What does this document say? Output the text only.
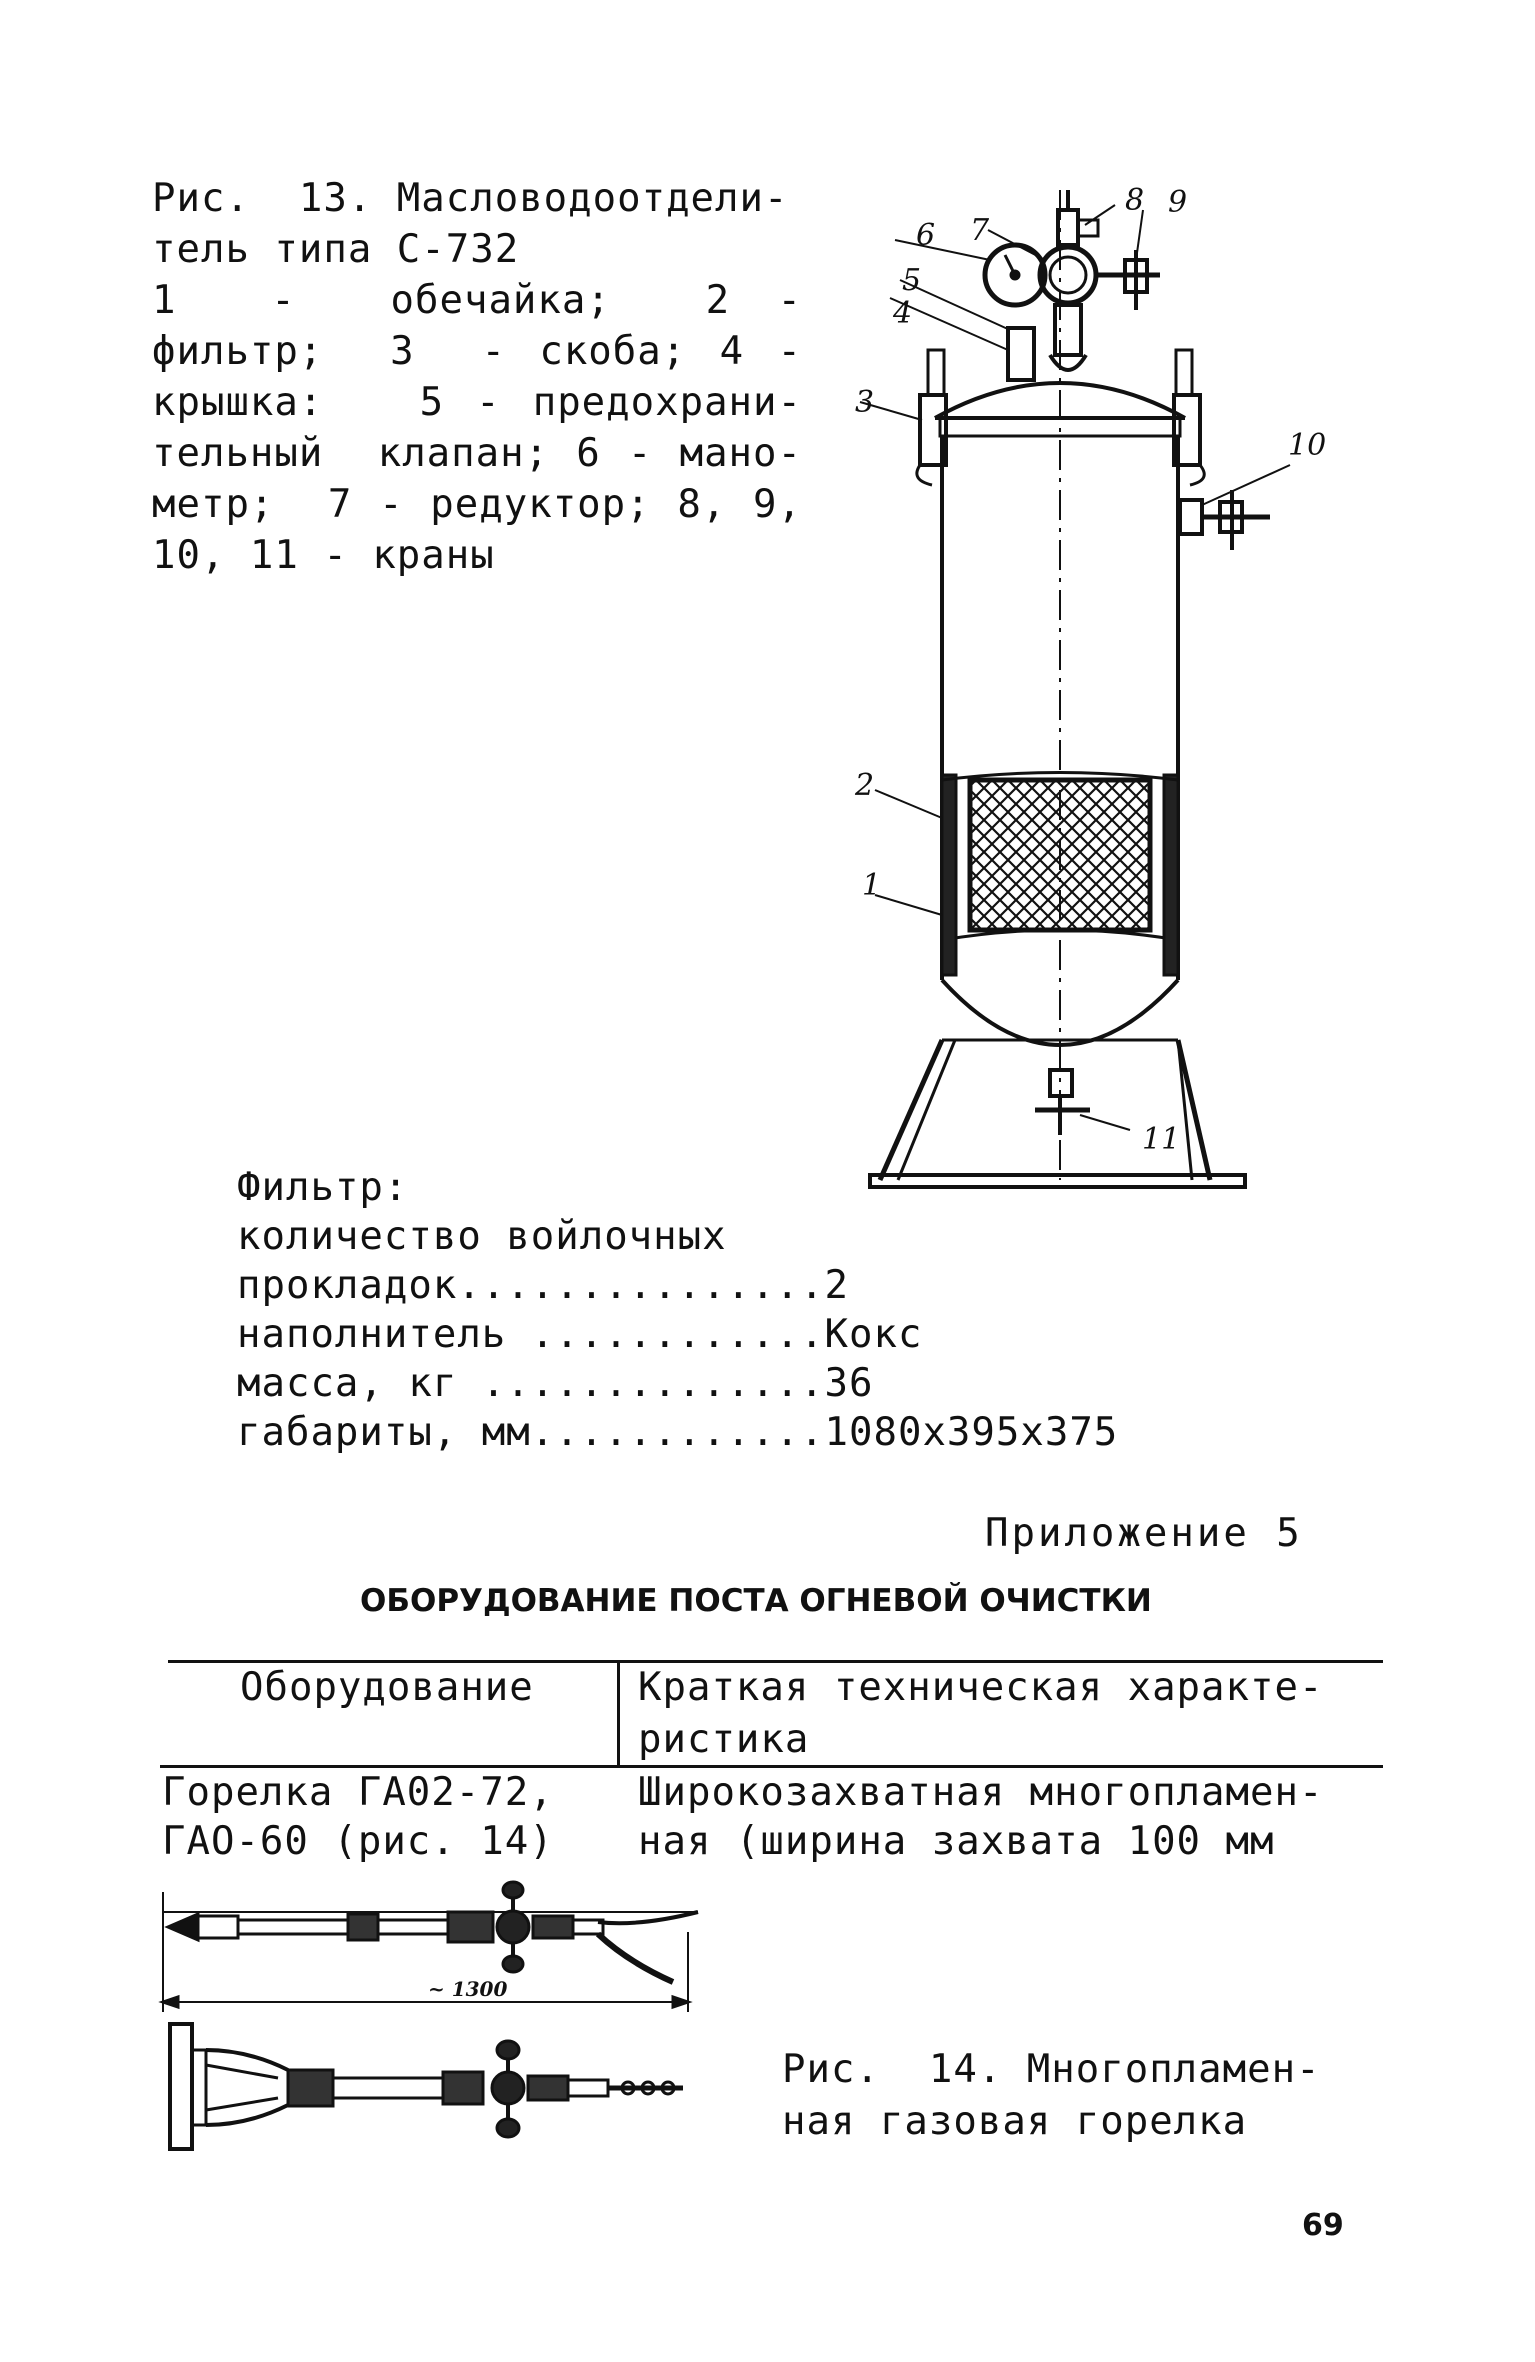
Рис.  13. Масловодоотдели-
тель типа С-732
1  -  обечайка;  2 -
фильтр;  3  - скоба; 4 -
крышка:   5 - предохрани-
тельный  клапан; 6 - мано-
метр;  7 - редуктор; 8, 9,
10, 11 - краны
1
2
3
4
5
6 7
8 9
10
11
Фильтр:
количество войлочных
прокладок...............2
наполнитель ............Кокс
масса, кг ..............36
габариты, мм............1080х395х375
Приложение 5
ОБОРУДОВАНИЕ ПОСТА ОГНЕВОЙ ОЧИСТКИ
Оборудование	Краткая техническая характе-
ристика
Горелка ГА02-72,
ГАО-60 (рис. 14)
Широкозахватная многопламен-
ная (ширина захвата 100 мм
~ 1300
Рис.  14. Многопламен-
ная газовая горелка
69
